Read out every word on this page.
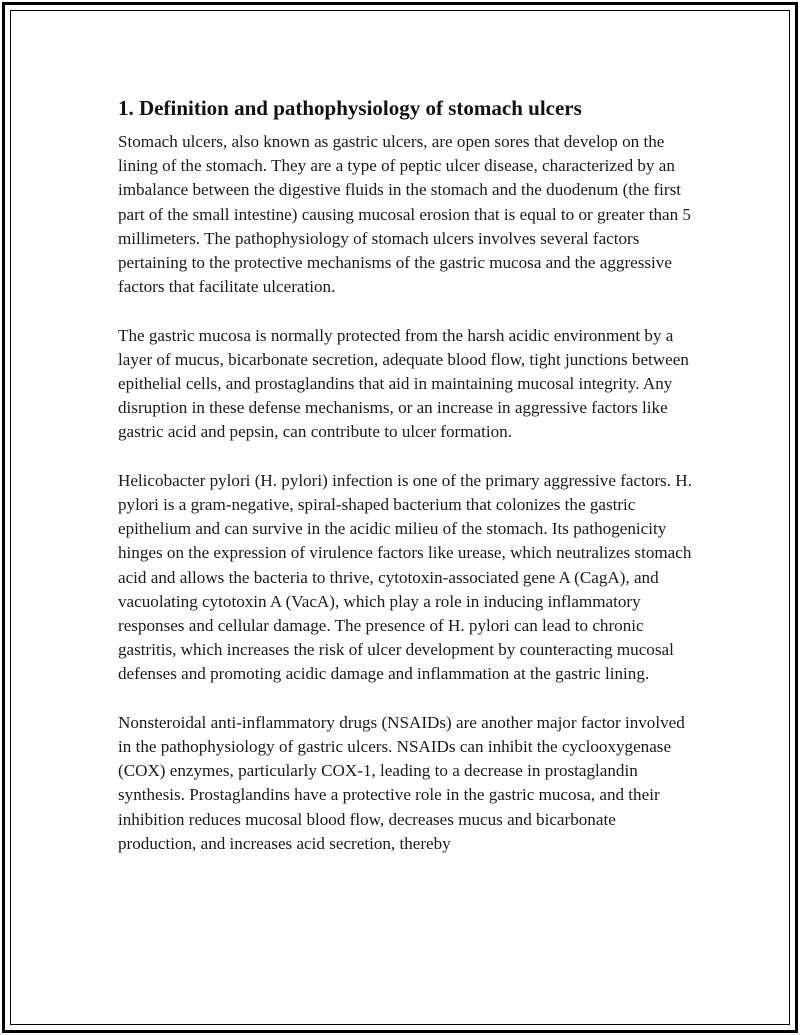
1. Definition and pathophysiology of stomach ulcers

Stomach ulcers, also known as gastric ulcers, are open sores that develop on the lining of the stomach. They are a type of peptic ulcer disease, characterized by an imbalance between the digestive fluids in the stomach and the duodenum (the first part of the small intestine) causing mucosal erosion that is equal to or greater than 5 millimeters. The pathophysiology of stomach ulcers involves several factors pertaining to the protective mechanisms of the gastric mucosa and the aggressive factors that facilitate ulceration.

The gastric mucosa is normally protected from the harsh acidic environment by a layer of mucus, bicarbonate secretion, adequate blood flow, tight junctions between epithelial cells, and prostaglandins that aid in maintaining mucosal integrity. Any disruption in these defense mechanisms, or an increase in aggressive factors like gastric acid and pepsin, can contribute to ulcer formation.

Helicobacter pylori (H. pylori) infection is one of the primary aggressive factors. H. pylori is a gram-negative, spiral-shaped bacterium that colonizes the gastric epithelium and can survive in the acidic milieu of the stomach. Its pathogenicity hinges on the expression of virulence factors like urease, which neutralizes stomach acid and allows the bacteria to thrive, cytotoxin-associated gene A (CagA), and vacuolating cytotoxin A (VacA), which play a role in inducing inflammatory responses and cellular damage. The presence of H. pylori can lead to chronic gastritis, which increases the risk of ulcer development by counteracting mucosal defenses and promoting acidic damage and inflammation at the gastric lining.

Nonsteroidal anti-inflammatory drugs (NSAIDs) are another major factor involved in the pathophysiology of gastric ulcers. NSAIDs can inhibit the cyclooxygenase (COX) enzymes, particularly COX-1, leading to a decrease in prostaglandin synthesis. Prostaglandins have a protective role in the gastric mucosa, and their inhibition reduces mucosal blood flow, decreases mucus and bicarbonate production, and increases acid secretion, thereby
